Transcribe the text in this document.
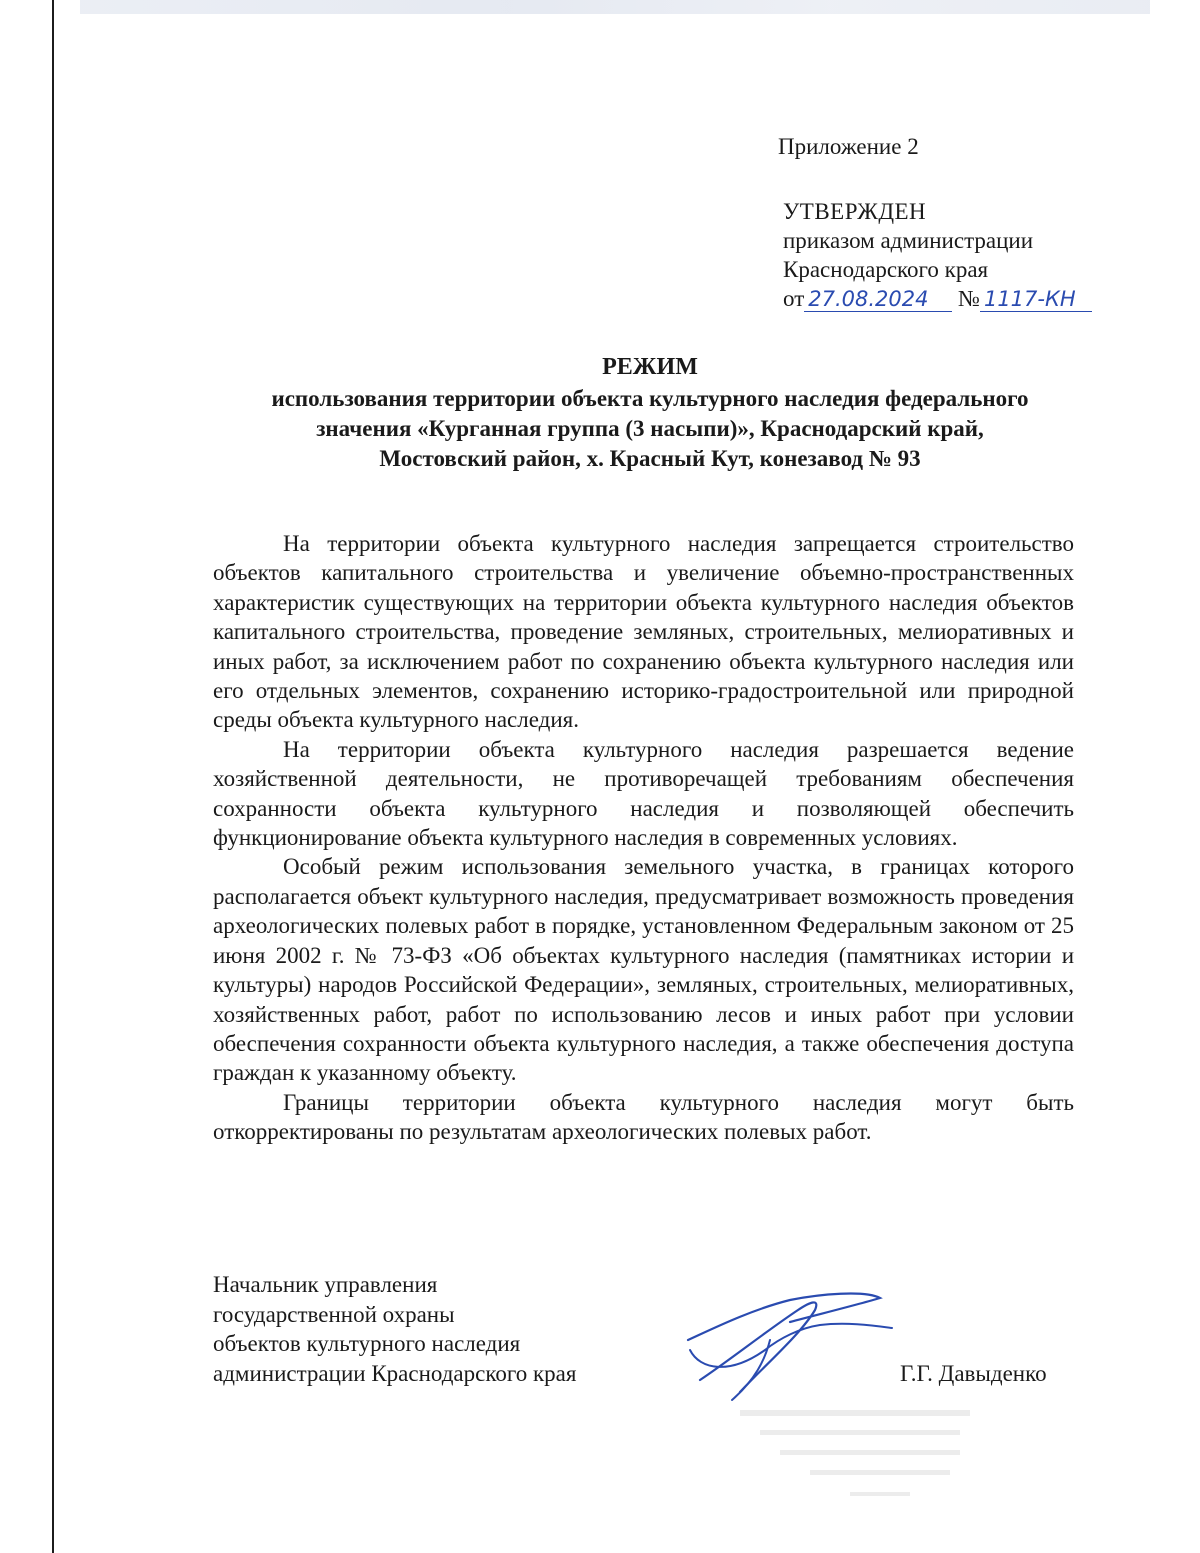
Приложение 2
УТВЕРЖДЕН
приказом администрации
Краснодарского края
от 27.08.2024 № 1117-КН
РЕЖИМ
использования территории объекта культурного наследия федерального
значения «Курганная группа (3 насыпи)», Краснодарский край,
Мостовский район, х. Красный Кут, конезавод № 93

На территории объекта культурного наследия запрещается строительство объектов капитального строительства и увеличение объемно-пространственных характеристик существующих на территории объекта культурного наследия объектов капитального строительства, проведение земляных, строительных, мелиоративных и иных работ, за исключением работ по сохранению объекта культурного наследия или его отдельных элементов, сохранению историко-градостроительной или природной среды объекта культурного наследия.

На территории объекта культурного наследия разрешается ведение хозяйственной деятельности, не противоречащей требованиям обеспечения сохранности объекта культурного наследия и позволяющей обеспечить функционирование объекта культурного наследия в современных условиях.

Особый режим использования земельного участка, в границах которого располагается объект культурного наследия, предусматривает возможность проведения археологических полевых работ в порядке, установленном Федеральным законом от 25 июня 2002 г. № 73-ФЗ «Об объектах культурного наследия (памятниках истории и культуры) народов Российской Федерации», земляных, строительных, мелиоративных, хозяйственных работ, работ по использованию лесов и иных работ при условии обеспечения сохранности объекта культурного наследия, а также обеспечения доступа граждан к указанному объекту.

Границы территории объекта культурного наследия могут быть откорректированы по результатам археологических полевых работ.

Начальник управления
государственной охраны
объектов культурного наследия
администрации Краснодарского края	Г.Г. Давыденко
